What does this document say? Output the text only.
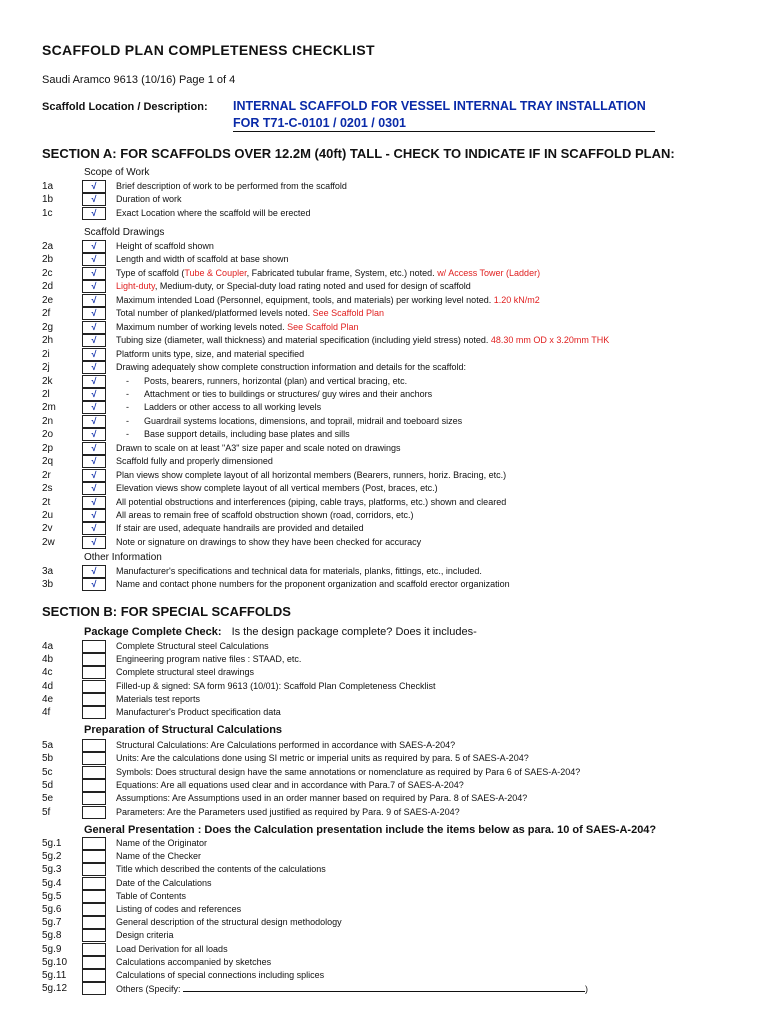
SCAFFOLD PLAN COMPLETENESS CHECKLIST
Saudi Aramco 9613 (10/16) Page 1 of 4
Scaffold Location / Description: INTERNAL SCAFFOLD FOR VESSEL INTERNAL TRAY INSTALLATION
FOR T71-C-0101 / 0201 / 0301
SECTION A: FOR SCAFFOLDS OVER 12.2M (40ft) TALL - CHECK TO INDICATE IF IN SCAFFOLD PLAN:
Scope of Work
1a	√	Brief description of work to be performed from the scaffold
1b	√	Duration of work
1c	√	Exact Location where the scaffold will be erected
Scaffold Drawings
2a	√	Height of scaffold shown
2b	√	Length and width of scaffold at base shown
2c	√	Type of scaffold (Tube & Coupler, Fabricated tubular frame, System, etc.) noted. w/ Access Tower (Ladder)
2d	√	Light-duty, Medium-duty, or Special-duty load rating noted and used for design of scaffold
2e	√	Maximum intended Load (Personnel, equipment, tools, and materials) per working level noted. 1.20 kN/m2
2f	√	Total number of planked/platformed levels noted. See Scaffold Plan
2g	√	Maximum number of working levels noted. See Scaffold Plan
2h	√	Tubing size (diameter, wall thickness) and material specification (including yield stress) noted. 48.30 mm OD x 3.20mm THK
2i	√	Platform units type, size, and material specified
2j	√	Drawing adequately show complete construction information and details for the scaffold:
2k	√	- Posts, bearers, runners, horizontal (plan) and vertical bracing, etc.
2l	√	- Attachment or ties to buildings or structures/ guy wires and their anchors
2m	√	- Ladders or other access to all working levels
2n	√	- Guardrail systems locations, dimensions, and toprail, midrail and toeboard sizes
2o	√	- Base support details, including base plates and sills
2p	√	Drawn to scale on at least "A3" size paper and scale noted on drawings
2q	√	Scaffold fully and properly dimensioned
2r	√	Plan views show complete layout of all horizontal members (Bearers, runners, horiz. Bracing, etc.)
2s	√	Elevation views show complete layout of all vertical members (Post, braces, etc.)
2t	√	All potential obstructions and interferences (piping, cable trays, platforms, etc.) shown and cleared
2u	√	All areas to remain free of scaffold obstruction shown (road, corridors, etc.)
2v	√	If stair are used, adequate handrails are provided and detailed
2w	√	Note or signature on drawings to show they have been checked for accuracy
Other Information
3a	√	Manufacturer's specifications and technical data for materials, planks, fittings, etc., included.
3b	√	Name and contact phone numbers for the proponent organization and scaffold erector organization
SECTION B: FOR SPECIAL SCAFFOLDS
Package Complete Check: Is the design package complete? Does it includes-
4a	Complete Structural steel Calculations
4b	Engineering program native files : STAAD, etc.
4c	Complete structural steel drawings
4d	Filled-up & signed: SA form 9613 (10/01): Scaffold Plan Completeness Checklist
4e	Materials test reports
4f	Manufacturer's Product specification data
5a	Structural Calculations: Are Calculations performed in accordance with SAES-A-204?
5b	Units: Are the calculations done using SI metric or imperial units as required by para. 5 of SAES-A-204?
5c	Symbols: Does structural design have the same annotations or nomenclature as required by Para 6 of SAES-A-204?
5d	Equations: Are all equations used clear and in accordance with Para.7 of SAES-A-204?
5e	Assumptions: Are Assumptions used in an order manner based on required by Para. 8 of SAES-A-204?
5f	Parameters: Are the Parameters used justified as required by Para. 9 of SAES-A-204?
5g.1	Name of the Originator
5g.2	Name of the Checker
5g.3	Title which described the contents of the calculations
5g.4	Date of the Calculations
5g.5	Table of Contents
5g.6	Listing of codes and references
5g.7	General description of the structural design methodology
5g.8	Design criteria
5g.9	Load Derivation for all loads
5g.10	Calculations accompanied by sketches
5g.11	Calculations of special connections including splices
5g.12	Others (Specify:	)
Preparation of Structural Calculations
General Presentation : Does the Calculation presentation include the items below as para. 10 of SAES-A-204?
